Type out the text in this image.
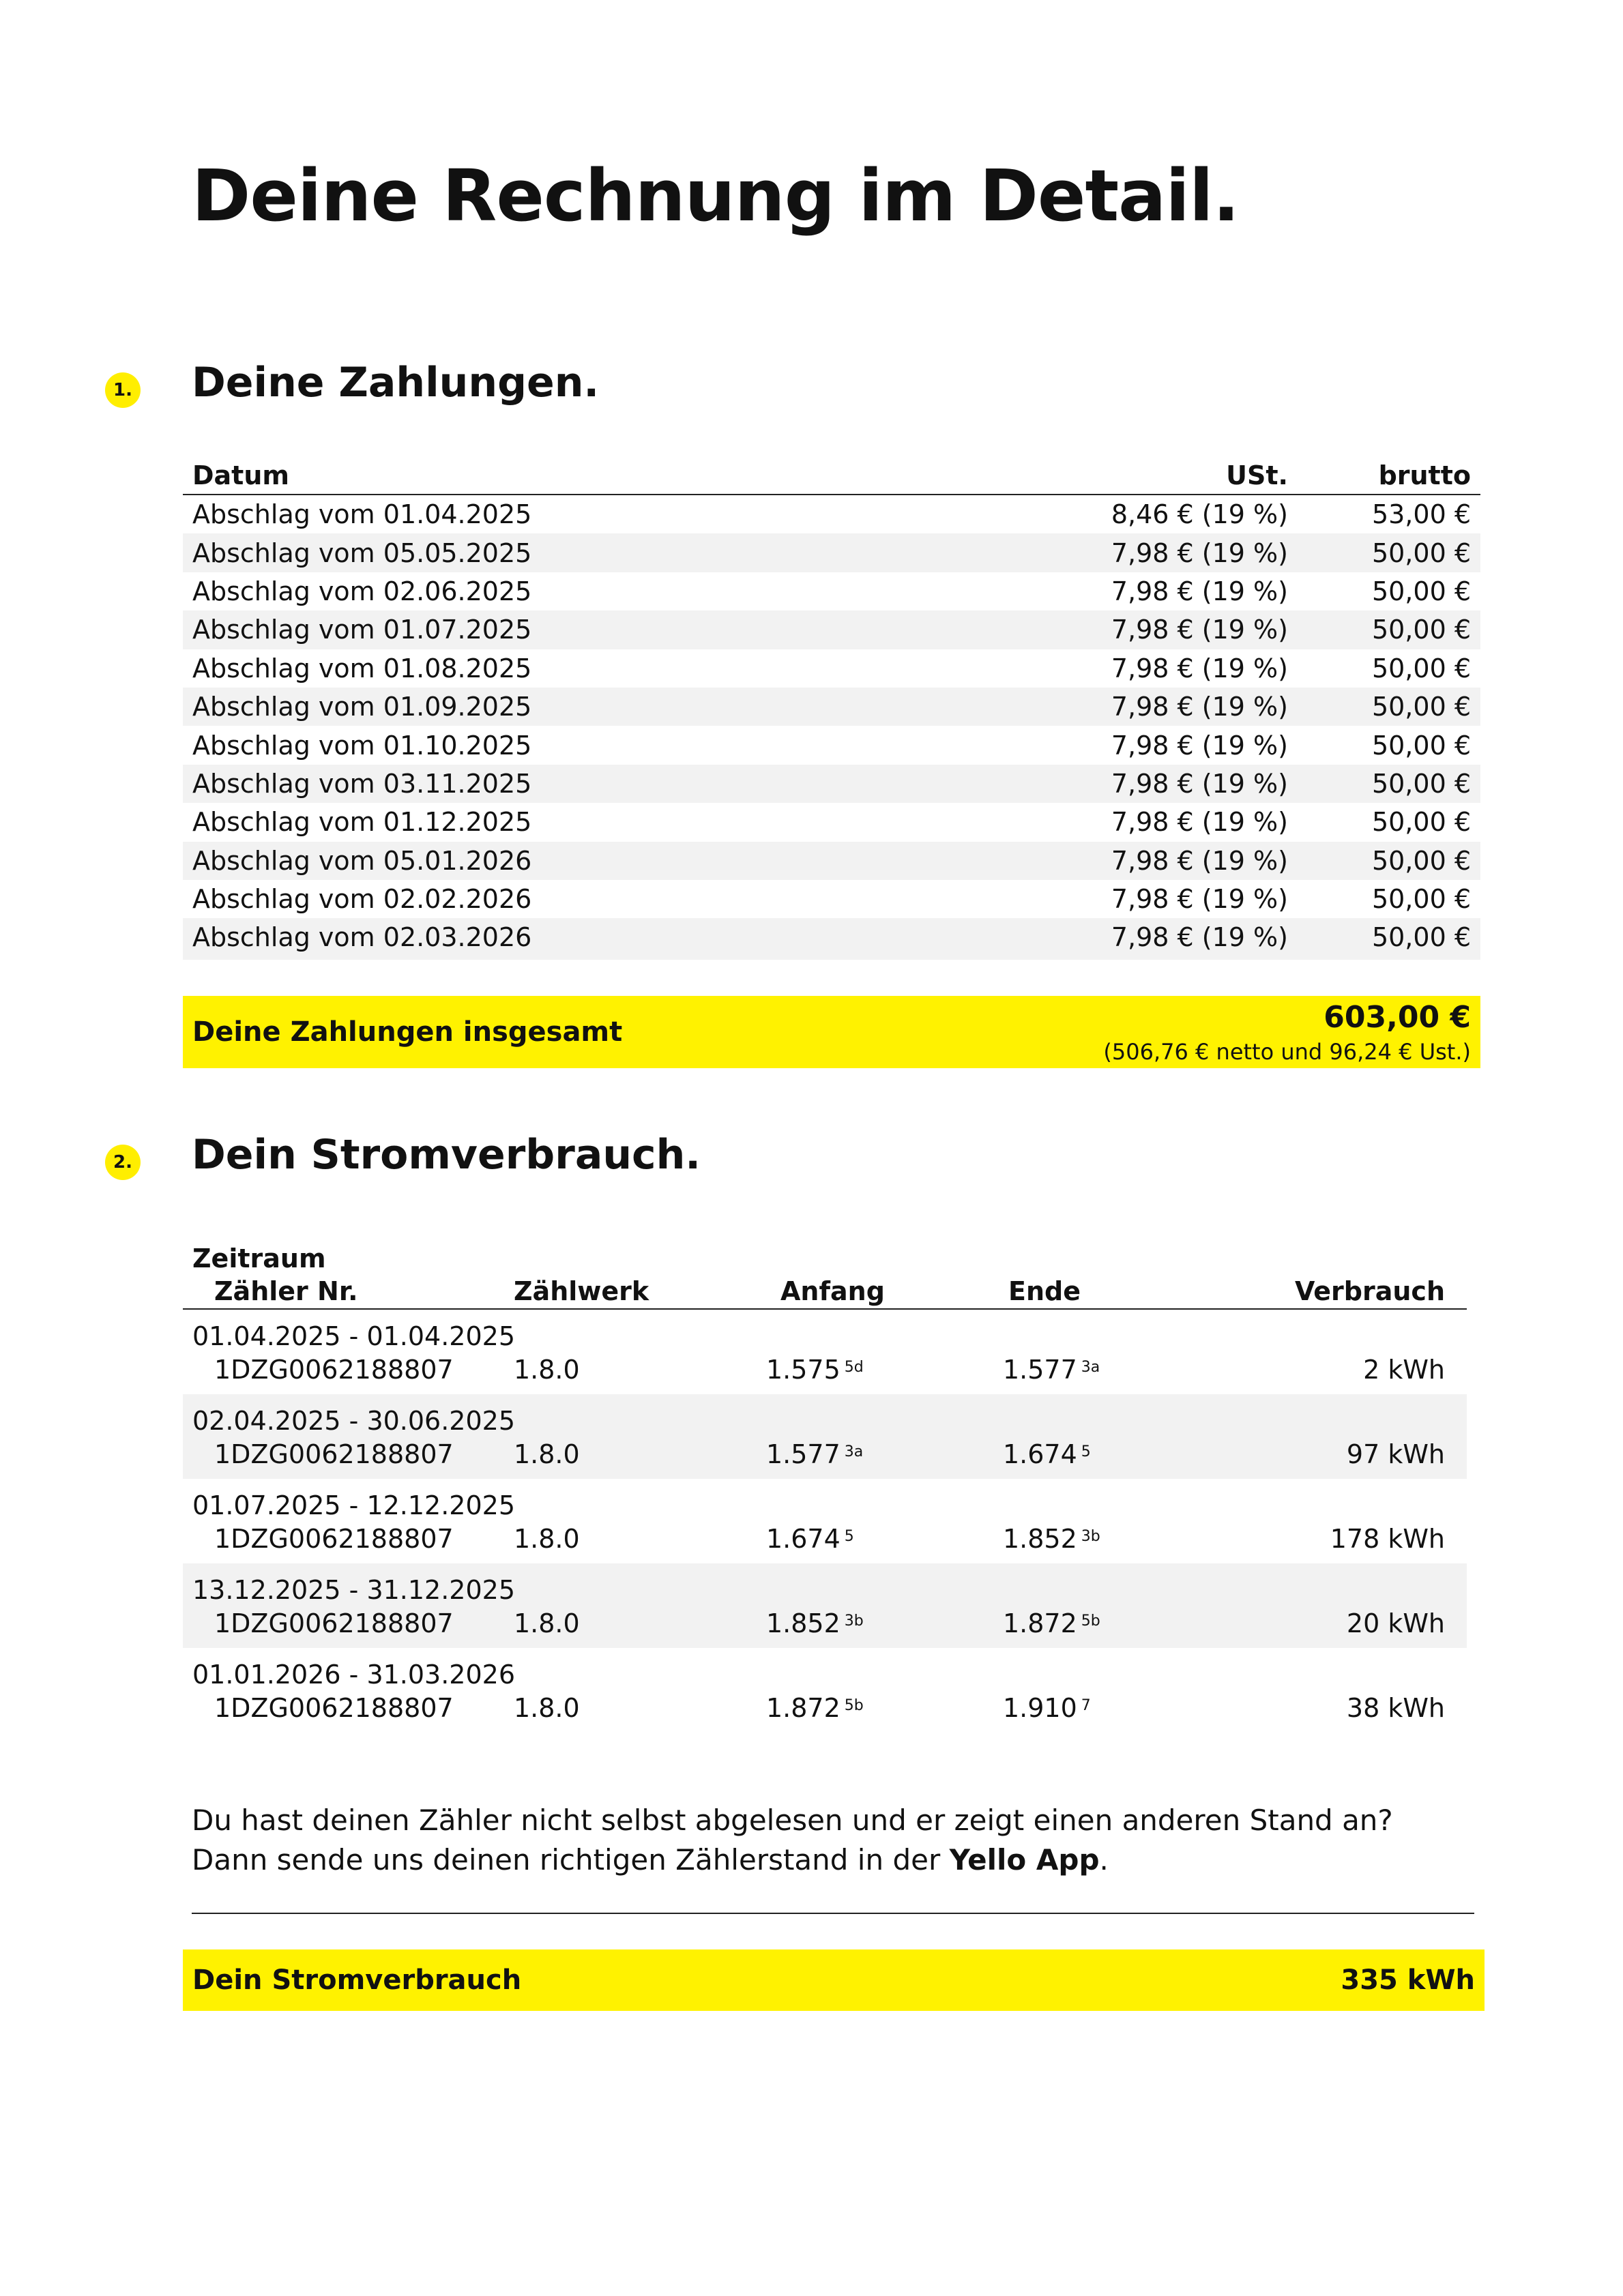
Deine Rechnung im Detail.
1. Deine Zahlungen.
Datum	USt.	brutto
Abschlag vom 01.04.2025	8,46 € (19 %)	53,00 €
Abschlag vom 05.05.2025	7,98 € (19 %)	50,00 €
Abschlag vom 02.06.2025	7,98 € (19 %)	50,00 €
Abschlag vom 01.07.2025	7,98 € (19 %)	50,00 €
Abschlag vom 01.08.2025	7,98 € (19 %)	50,00 €
Abschlag vom 01.09.2025	7,98 € (19 %)	50,00 €
Abschlag vom 01.10.2025	7,98 € (19 %)	50,00 €
Abschlag vom 03.11.2025	7,98 € (19 %)	50,00 €
Abschlag vom 01.12.2025	7,98 € (19 %)	50,00 €
Abschlag vom 05.01.2026	7,98 € (19 %)	50,00 €
Abschlag vom 02.02.2026	7,98 € (19 %)	50,00 €
Abschlag vom 02.03.2026	7,98 € (19 %)	50,00 €
Deine Zahlungen insgesamt	603,00 €
(506,76 € netto und 96,24 € Ust.)
2. Dein Stromverbrauch.
Zeitraum
Zähler Nr.	Zählwerk	Anfang	Ende	Verbrauch
01.04.2025 - 01.04.2025
1DZG0062188807	1.8.0	1.575 $^{5d}$	1.577 $^{3a}$	2 kWh
02.04.2025 - 30.06.2025
1DZG0062188807	1.8.0	1.577 $^{3a}$	1.674 $^5$	97 kWh
01.07.2025 - 12.12.2025
1DZG0062188807	1.8.0	1.674 $^5$	1.852 $^{3b}$	178 kWh
13.12.2025 - 31.12.2025
1DZG0062188807	1.8.0	1.852 $^{3b}$	1.872 $^{5b}$	20 kWh
01.01.2026 - 31.03.2026
1DZG0062188807	1.8.0	1.872 $^{5b}$	1.910 $^7$	38 kWh

Du hast deinen Zähler nicht selbst abgelesen und er zeigt einen anderen Stand an? Dann sende uns deinen richtigen Zählerstand in der Yello App.

Dein Stromverbrauch	335 kWh
